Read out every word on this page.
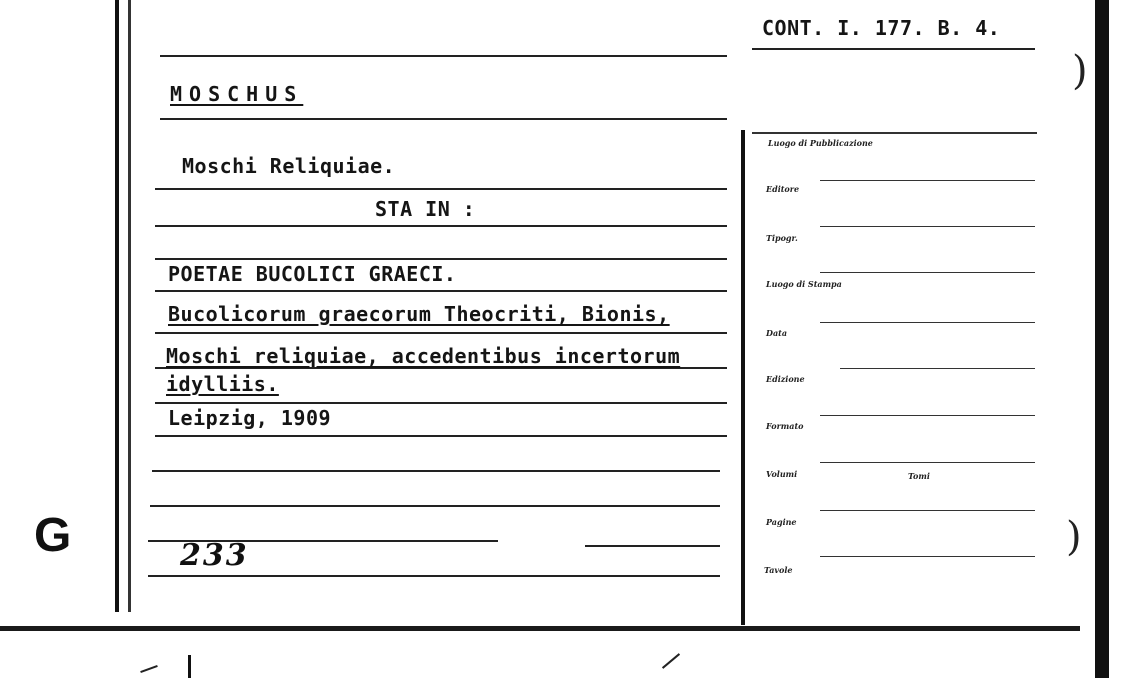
)
)
G
CONT. I. 177. B. 4.
MOSCHUS
Moschi Reliquiae.
STA IN :
POETAE BUCOLICI GRAECI.
Bucolicorum graecorum Theocriti, Bionis,
Moschi reliquiae, accedentibus incertorum
idylliis.
Leipzig, 1909
233
Luogo di Pubblicazione
Editore
Tipogr.
Luogo di Stampa
Data
Edizione
Formato
Volumi	Tomi
Pagine
Tavole
